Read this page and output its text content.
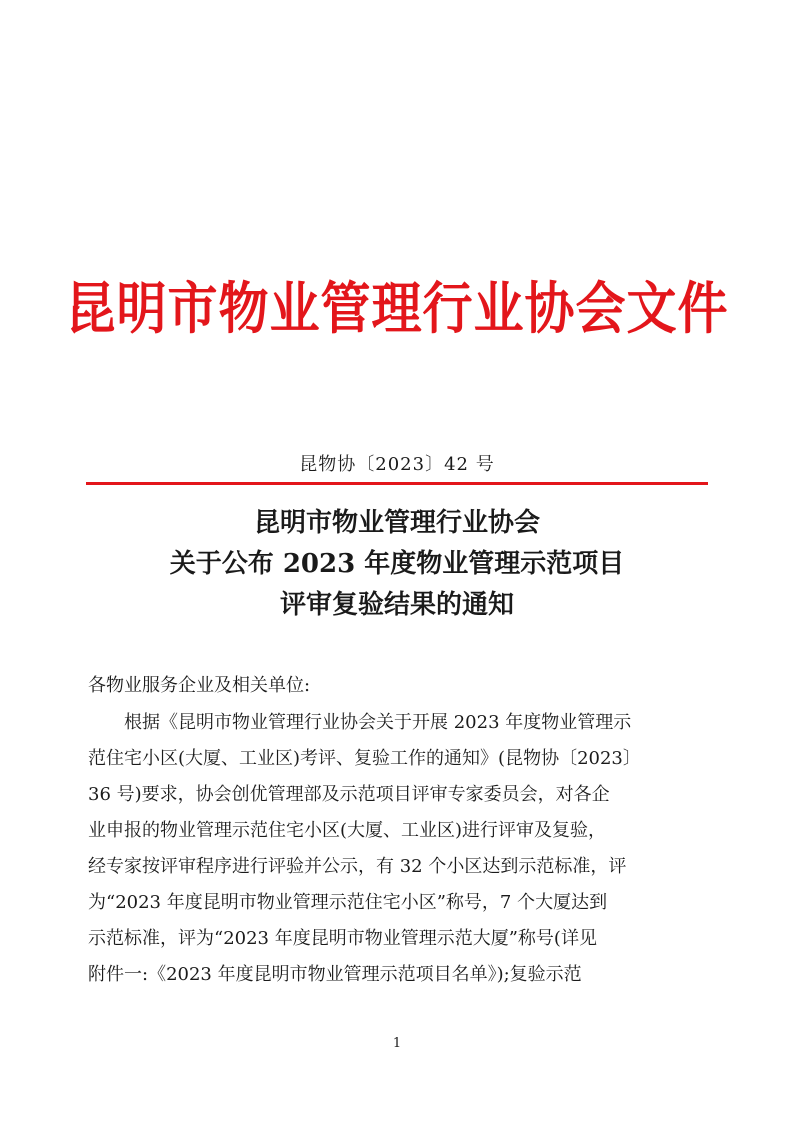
昆明市物业管理行业协会文件
昆物协〔2023〕42 号
昆明市物业管理行业协会
关于公布 2023 年度物业管理示范项目
评审复验结果的通知
各物业服务企业及相关单位:
根据《昆明市物业管理行业协会关于开展 2023 年度物业管理示
范住宅小区(大厦、工业区)考评、复验工作的通知》(昆物协〔2023〕
36 号)要求，协会创优管理部及示范项目评审专家委员会，对各企
业申报的物业管理示范住宅小区(大厦、工业区)进行评审及复验，
经专家按评审程序进行评验并公示，有 32 个小区达到示范标准，评
为“2023 年度昆明市物业管理示范住宅小区”称号，7 个大厦达到
示范标准，评为“2023 年度昆明市物业管理示范大厦”称号(详见
附件一:《2023 年度昆明市物业管理示范项目名单》);复验示范
1
